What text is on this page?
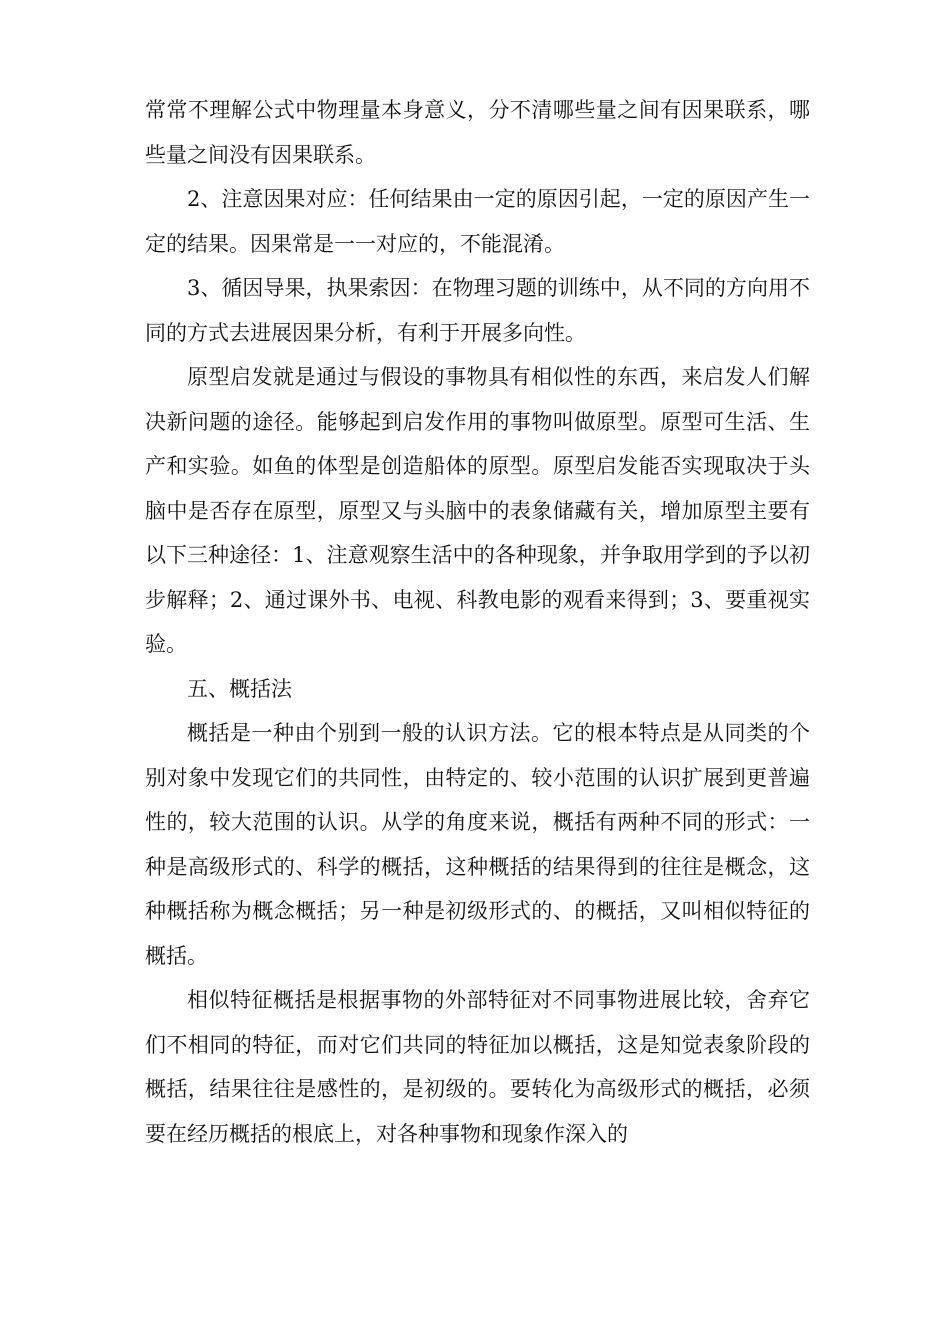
常常不理解公式中物理量本身意义，分不清哪些量之间有因果联系，哪些量之间没有因果联系。

2、注意因果对应：任何结果由一定的原因引起，一定的原因产生一定的结果。因果常是一一对应的，不能混淆。

3、循因导果，执果索因：在物理习题的训练中，从不同的方向用不同的方式去进展因果分析，有利于开展多向性。

原型启发就是通过与假设的事物具有相似性的东西，来启发人们解决新问题的途径。能够起到启发作用的事物叫做原型。原型可生活、生产和实验。如鱼的体型是创造船体的原型。原型启发能否实现取决于头脑中是否存在原型，原型又与头脑中的表象储藏有关，增加原型主要有以下三种途径：1、注意观察生活中的各种现象，并争取用学到的予以初步解释；2、通过课外书、电视、科教电影的观看来得到；3、要重视实验。

五、概括法

概括是一种由个别到一般的认识方法。它的根本特点是从同类的个别对象中发现它们的共同性，由特定的、较小范围的认识扩展到更普遍性的，较大范围的认识。从学的角度来说，概括有两种不同的形式：一种是高级形式的、科学的概括，这种概括的结果得到的往往是概念，这种概括称为概念概括；另一种是初级形式的、的概括，又叫相似特征的概括。

相似特征概括是根据事物的外部特征对不同事物进展比较，舍弃它们不相同的特征，而对它们共同的特征加以概括，这是知觉表象阶段的概括，结果往往是感性的，是初级的。要转化为高级形式的概括，必须要在经历概括的根底上，对各种事物和现象作深入的
